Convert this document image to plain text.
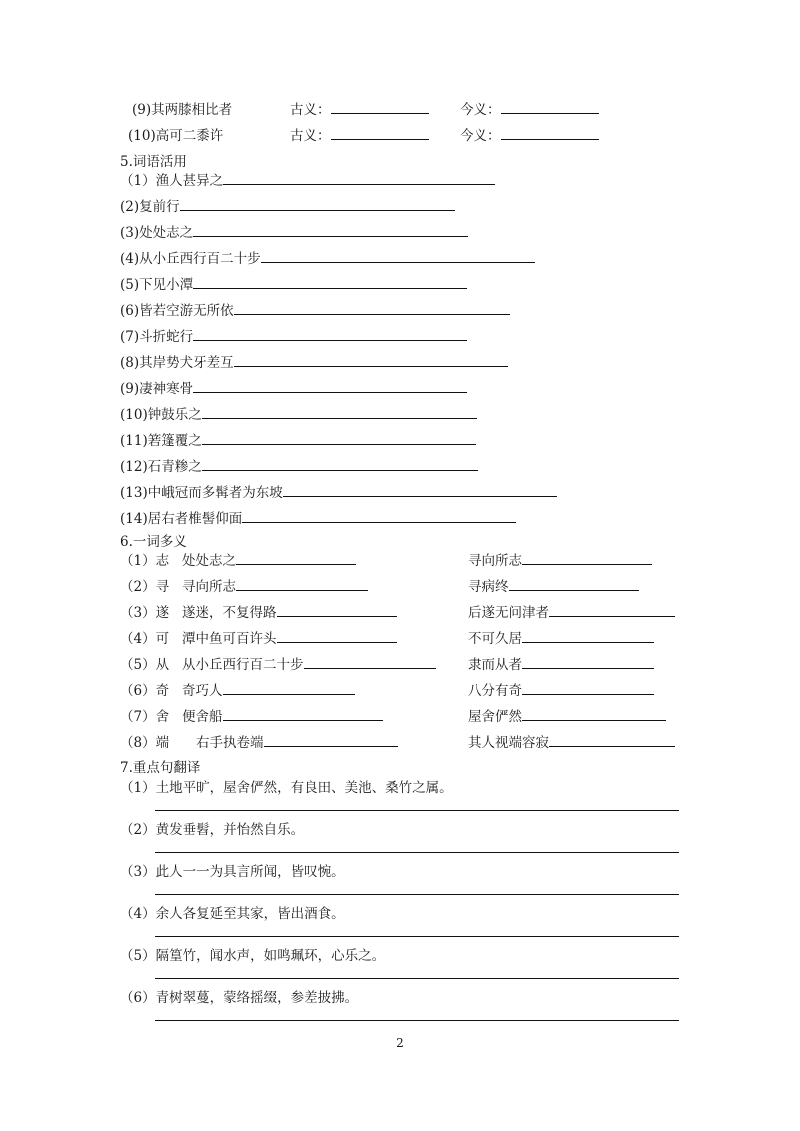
(9)其两膝相比者	古义：	今义：
(10)高可二黍许	古义：	今义：
5.词语活用
（1）渔人甚异之
(2)复前行
(3)处处志之
(4)从小丘西行百二十步
(5)下见小潭
(6)皆若空游无所依
(7)斗折蛇行
(8)其岸势犬牙差互
(9)凄神寒骨
(10)钟鼓乐之
(11)箬篷覆之
(12)石青糁之
(13)中峨冠而多髯者为东坡
(14)居右者椎髻仰面
6.一词多义
（1）志 处处志之	寻向所志
（2）寻 寻向所志	寻病终
（3）遂 遂迷，不复得路	后遂无问津者
（4）可 潭中鱼可百许头	不可久居
（5）从 从小丘西行百二十步	隶而从者
（6）奇 奇巧人	八分有奇
（7）舍 便舍船	屋舍俨然
（8）端 右手执卷端	其人视端容寂
7.重点句翻译
（1）土地平旷，屋舍俨然，有良田、美池、桑竹之属。
（2）黄发垂髫，并怡然自乐。
（3）此人一一为具言所闻，皆叹惋。
（4）余人各复延至其家，皆出酒食。
（5）隔篁竹，闻水声，如鸣珮环，心乐之。
（6）青树翠蔓，蒙络摇缀，参差披拂。
2
